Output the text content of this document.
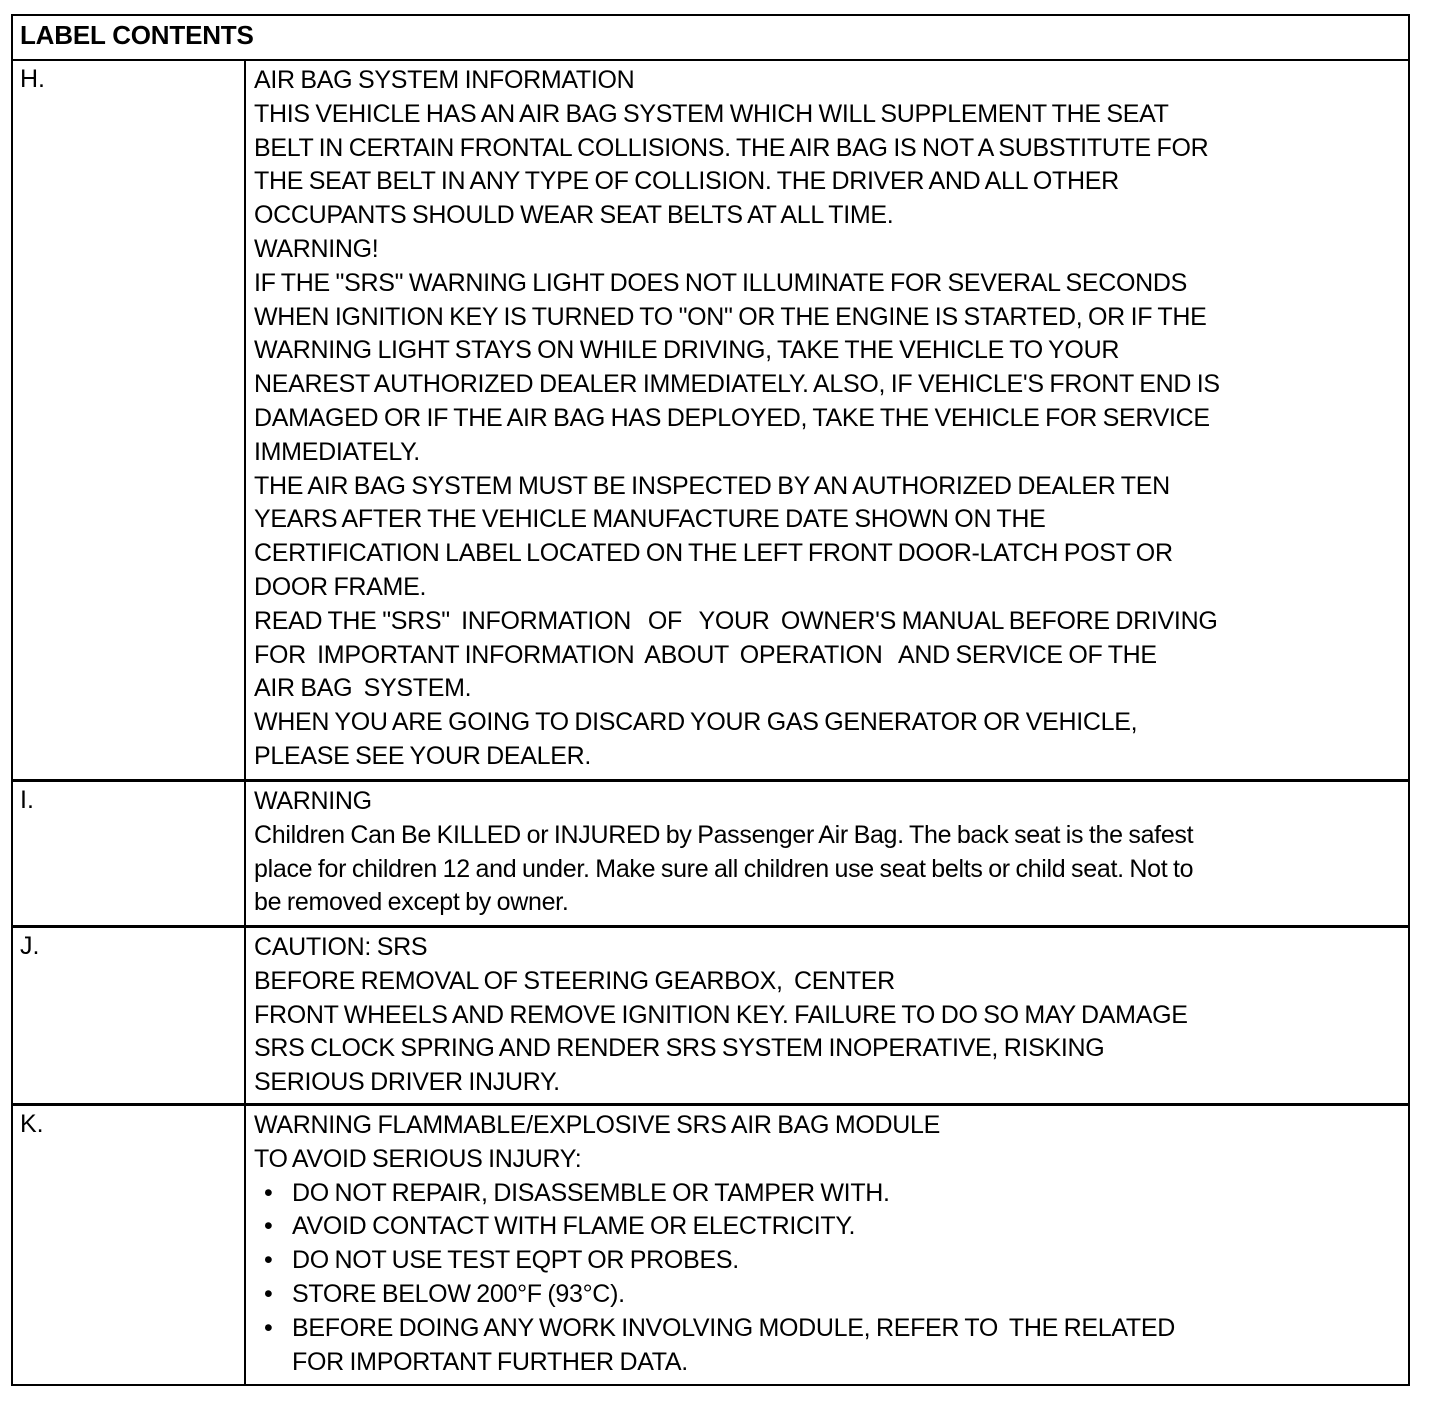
LABEL CONTENTS
H.	AIR BAG SYSTEM INFORMATION
THIS VEHICLE HAS AN AIR BAG SYSTEM WHICH WILL SUPPLEMENT THE SEAT
BELT IN CERTAIN FRONTAL COLLISIONS. THE AIR BAG IS NOT A SUBSTITUTE FOR
THE SEAT BELT IN ANY TYPE OF COLLISION. THE DRIVER AND ALL OTHER
OCCUPANTS SHOULD WEAR SEAT BELTS AT ALL TIME.
WARNING!
IF THE "SRS" WARNING LIGHT DOES NOT ILLUMINATE FOR SEVERAL SECONDS
WHEN IGNITION KEY IS TURNED TO "ON" OR THE ENGINE IS STARTED, OR IF THE
WARNING LIGHT STAYS ON WHILE DRIVING, TAKE THE VEHICLE TO YOUR
NEAREST AUTHORIZED DEALER IMMEDIATELY. ALSO, IF VEHICLE'S FRONT END IS
DAMAGED OR IF THE AIR BAG HAS DEPLOYED, TAKE THE VEHICLE FOR SERVICE
IMMEDIATELY.
THE AIR BAG SYSTEM MUST BE INSPECTED BY AN AUTHORIZED DEALER TEN
YEARS AFTER THE VEHICLE MANUFACTURE DATE SHOWN ON THE
CERTIFICATION LABEL LOCATED ON THE LEFT FRONT DOOR-LATCH POST OR
DOOR FRAME.
READ THE "SRS"  INFORMATION   OF   YOUR  OWNER'S MANUAL BEFORE DRIVING
FOR  IMPORTANT INFORMATION  ABOUT  OPERATION   AND SERVICE OF THE
AIR BAG  SYSTEM.
WHEN YOU ARE GOING TO DISCARD YOUR GAS GENERATOR OR VEHICLE,
PLEASE SEE YOUR DEALER.
I.	WARNING
Children Can Be KILLED or INJURED by Passenger Air Bag. The back seat is the safest
place for children 12 and under. Make sure all children use seat belts or child seat. Not to
be removed except by owner.
J.	CAUTION: SRS
BEFORE REMOVAL OF STEERING GEARBOX,  CENTER
FRONT WHEELS AND REMOVE IGNITION KEY. FAILURE TO DO SO MAY DAMAGE
SRS CLOCK SPRING AND RENDER SRS SYSTEM INOPERATIVE, RISKING
SERIOUS DRIVER INJURY.
K.	WARNING FLAMMABLE/EXPLOSIVE SRS AIR BAG MODULE
TO AVOID SERIOUS INJURY:
• DO NOT REPAIR, DISASSEMBLE OR TAMPER WITH.
• AVOID CONTACT WITH FLAME OR ELECTRICITY.
• DO NOT USE TEST EQPT OR PROBES.
• STORE BELOW 200°F (93°C).
• BEFORE DOING ANY WORK INVOLVING MODULE, REFER TO  THE RELATED
FOR IMPORTANT FURTHER DATA.
